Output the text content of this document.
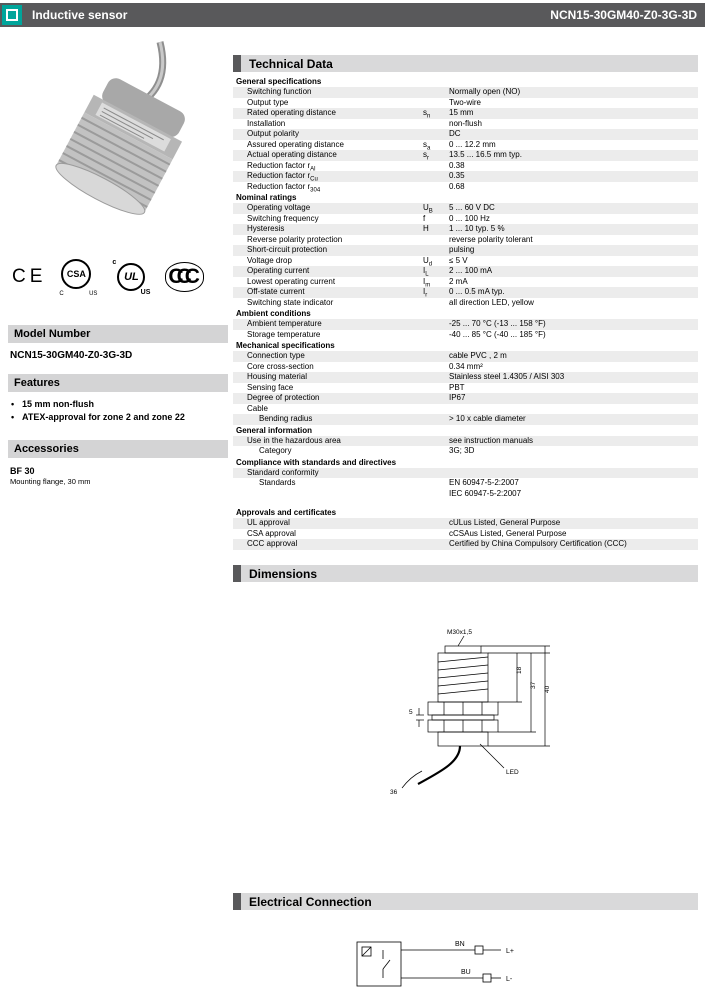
Inductive sensor	NCN15-30GM40-Z0-3G-3D
CE CSA
C	US
c
UL
US
CCC
Model Number
NCN15-30GM40-Z0-3G-3D
Features
• 15 mm non-flush
• ATEX-approval for zone 2 and zone 22
Accessories
BF 30
Mounting flange, 30 mm
Technical Data
General specifications
Switching function	Normally open (NO)
Output type	Two-wire
Rated operating distance	$s_n$	15 mm
Installation	non-flush
Output polarity	DC
Assured operating distance	$s_a$	0 ... 12.2 mm
Actual operating distance	$s_r$	13.5 ... 16.5 mm typ.
Reduction factor $r_{Al}$	0.38
Reduction factor $r_{Cu}$	0.35
Reduction factor $r_{304}$	0.68
Nominal ratings
Operating voltage	$U_B$	5 ... 60 V DC
Switching frequency	f	0 ... 100 Hz
Hysteresis	H	1 ... 10 typ. 5 %
Reverse polarity protection	reverse polarity tolerant
Short-circuit protection	pulsing
Voltage drop	$U_d$	≤ 5 V
Operating current	$I_L$	2 ... 100 mA
Lowest operating current	$I_m$	2 mA
Off-state current	$I_r$	0 ... 0.5 mA typ.
Switching state indicator	all direction LED, yellow
Ambient conditions
Ambient temperature	-25 ... 70 °C (-13 ... 158 °F)
Storage temperature	-40 ... 85 °C (-40 ... 185 °F)
Mechanical specifications
Connection type	cable PVC , 2 m
Core cross-section	0.34 mm²
Housing material	Stainless steel 1.4305 / AISI 303
Sensing face	PBT
Degree of protection	IP67
Cable
Bending radius	> 10 x cable diameter
General information
Use in the hazardous area	see instruction manuals
Category	3G; 3D
Compliance with standards and directives
Standard conformity
Standards	EN 60947-5-2:2007
IEC 60947-5-2:2007
Approvals and certificates
UL approval	cULus Listed, General Purpose
CSA approval	cCSAus Listed, General Purpose
CCC approval	Certified by China Compulsory Certification (CCC)
Dimensions
M30x1,5
18
37
40
5
36
LED
Electrical Connection
BN
BU
L+
L-
